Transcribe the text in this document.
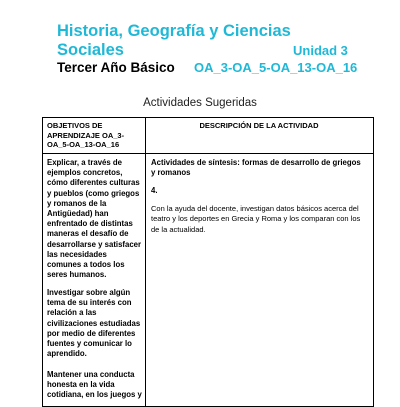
Historia, Geografía y Ciencias
Sociales	Unidad 3
Tercer Año Básico OA_3-OA_5-OA_13-OA_16
Actividades Sugeridas
OBJETIVOS DE APRENDIZAJE OA_3-OA_5-OA_13-OA_16
DESCRIPCIÓN DE LA ACTIVIDAD
Explicar, a través de ejemplos concretos, cómo diferentes culturas y pueblos (como griegos y romanos de la Antigüedad) han enfrentado de distintas maneras el desafío de desarrollarse y satisfacer las necesidades comunes a todos los seres humanos.
Investigar sobre algún tema de su interés con relación a las civilizaciones estudiadas por medio de diferentes fuentes y comunicar lo aprendido.
Mantener una conducta honesta en la vida cotidiana, en los juegos y
Actividades de síntesis: formas de desarrollo de griegos y romanos
4.
Con la ayuda del docente, investigan datos básicos acerca del teatro y los deportes en Grecia y Roma y los comparan con los de la actualidad.
